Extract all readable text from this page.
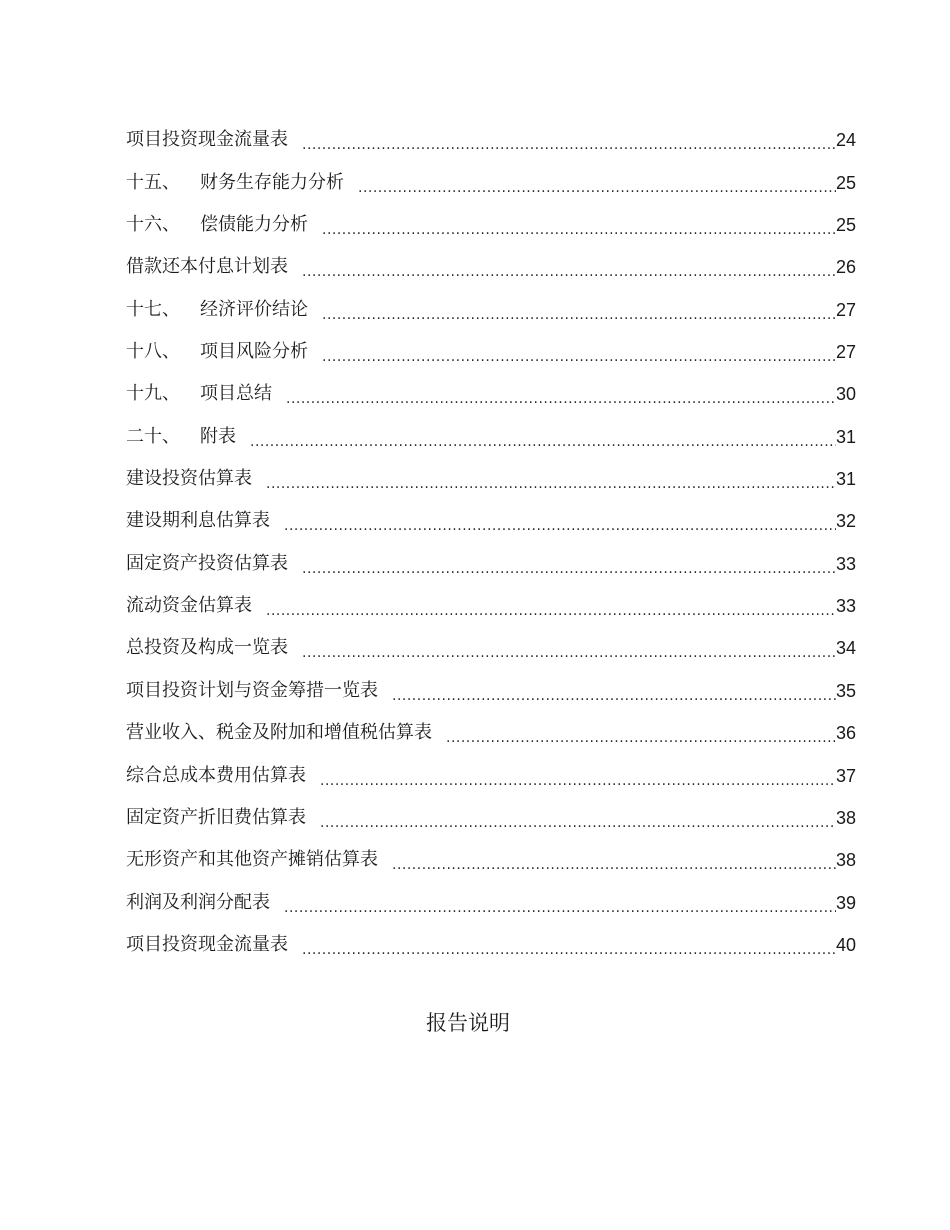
项目投资现金流量表 .....	24
十五、 财务生存能力分析 .....	25
十六、 偿债能力分析 .....	25
借款还本付息计划表 .....	26
十七、 经济评价结论 .....	27
十八、 项目风险分析 .....	27
十九、 项目总结 .....	30
二十、 附表 .....	31
建设投资估算表 .....	31
建设期利息估算表 .....	32
固定资产投资估算表 .....	33
流动资金估算表 .....	33
总投资及构成一览表 .....	34
项目投资计划与资金筹措一览表 .....	35
营业收入、税金及附加和增值税估算表 .....	36
综合总成本费用估算表 .....	37
固定资产折旧费估算表 .....	38
无形资产和其他资产摊销估算表 .....	38
利润及利润分配表 .....	39
项目投资现金流量表 .....	40
报告说明
